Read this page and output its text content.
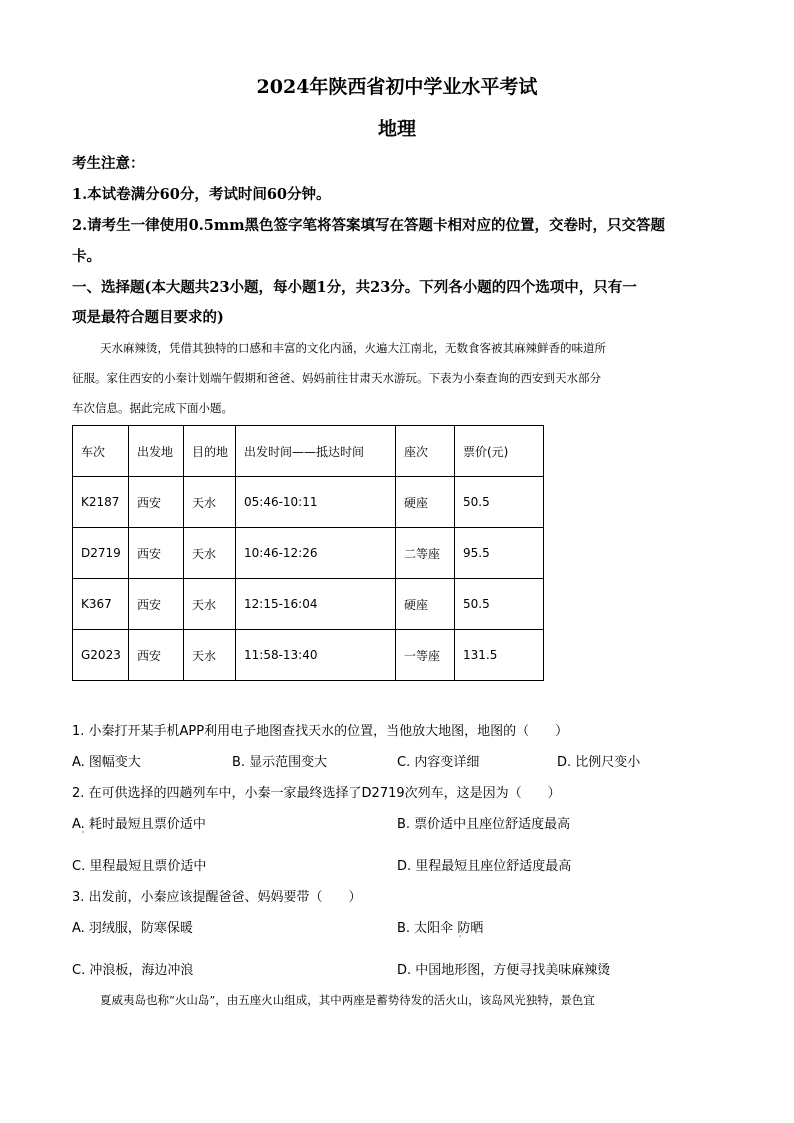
2024年陕西省初中学业水平考试
地理
考生注意：
1.本试卷满分60分，考试时间60分钟。
2.请考生一律使用0.5mm黑色签字笔将答案填写在答题卡相对应的位置，交卷时，只交答题
卡。
一、选择题(本大题共23小题，每小题1分，共23分。下列各小题的四个选项中，只有一
项是最符合题目要求的)
天水麻辣烫，凭借其独特的口感和丰富的文化内涵，火遍大江南北，无数食客被其麻辣鲜香的味道所
征服。家住西安的小秦计划端午假期和爸爸、妈妈前往甘肃天水游玩。下表为小秦查询的西安到天水部分
车次信息。据此完成下面小题。
车次	出发地	目的地	出发时间——抵达时间	座次	票价(元)
K2187	西安	天水	05:46-10:11	硬座	50.5
D2719	西安	天水	10:46-12:26	二等座	95.5
K367	西安	天水	12:15-16:04	硬座	50.5
G2023	西安	天水	11:58-13:40	一等座	131.5
1. 小秦打开某手机APP利用电子地图查找天水的位置，当他放大地图，地图的（　　）
A. 图幅变大	B. 显示范围变大	C. 内容变详细	D. 比例尺变小
2. 在可供选择的四趟列车中，小秦一家最终选择了D2719次列车，这是因为（　　）
A. 耗时最短且票价适中	B. 票价适中且座位舒适度最高
'
C. 里程最短且票价适中	D. 里程最短且座位舒适度最高
3. 出发前，小秦应该提醒爸爸、妈妈要带（　　）
A. 羽绒服，防寒保暖	B. 太阳伞 防晒
'
C. 冲浪板，海边冲浪	D. 中国地形图，方便寻找美味麻辣烫
夏威夷岛也称“火山岛”，由五座火山组成，其中两座是蓄势待发的活火山，该岛风光独特，景色宜
